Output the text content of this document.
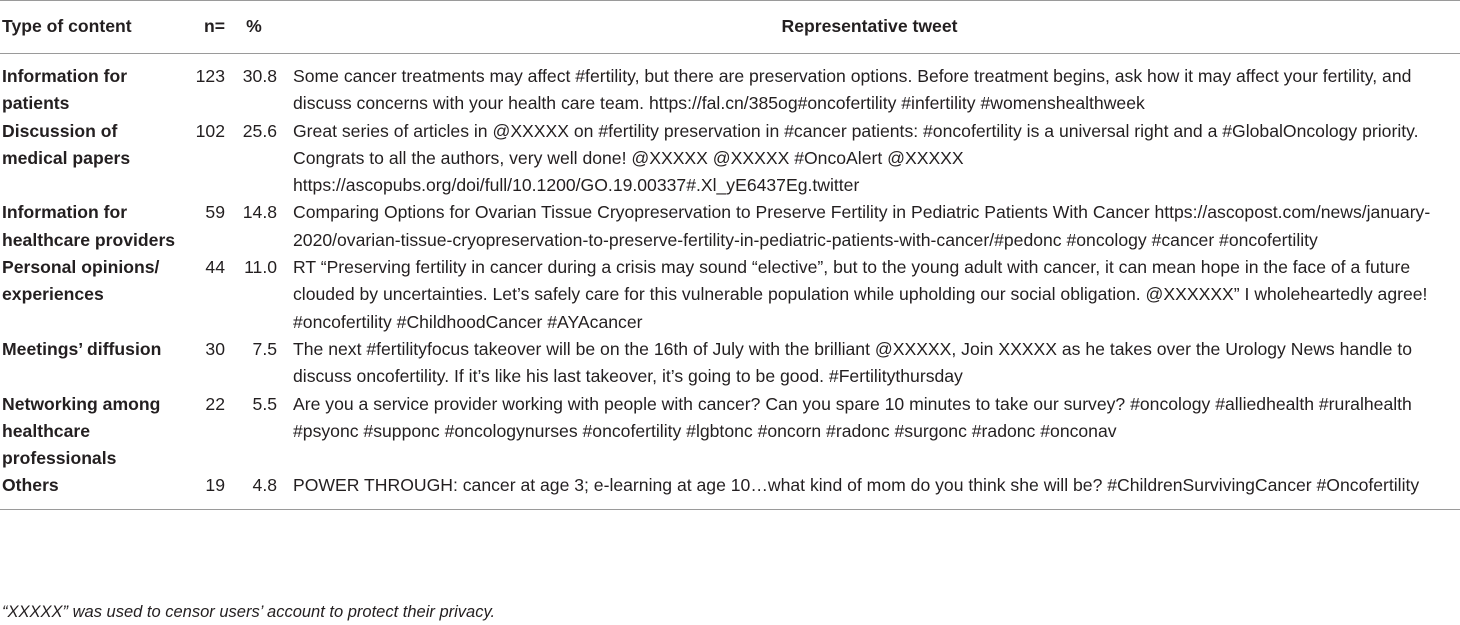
Type of content	n=	%	Representative tweet
Information for patients	123	30.8	Some cancer treatments may affect #fertility, but there are preservation options. Before treatment begins, ask how it may affect your fertility, and discuss concerns with your health care team. https://fal.cn/385og#oncofertility #infertility #womenshealthweek
Discussion of medical papers	102	25.6	Great series of articles in @XXXXX on #fertility preservation in #cancer patients: #oncofertility is a universal right and a #GlobalOncology priority. Congrats to all the authors, very well done! @XXXXX @XXXXX #OncoAlert @XXXXX https://ascopubs.org/doi/full/10.1200/GO.19.00337#.Xl_yE6437Eg.twitter
Information for healthcare providers	59	14.8	Comparing Options for Ovarian Tissue Cryopreservation to Preserve Fertility in Pediatric Patients With Cancer https://ascopost.com/news/january-2020/ovarian-tissue-cryopreservation-to-preserve-fertility-in-pediatric-patients-with-cancer/#pedonc #oncology #cancer #oncofertility
Personal opinions/ experiences	44	11.0	RT “Preserving fertility in cancer during a crisis may sound “elective”, but to the young adult with cancer, it can mean hope in the face of a future clouded by uncertainties. Let’s safely care for this vulnerable population while upholding our social obligation. @XXXXXX” I wholeheartedly agree! #oncofertility #ChildhoodCancer #AYAcancer
Meetings’ diffusion	30	7.5	The next #fertilityfocus takeover will be on the 16th of July with the brilliant @XXXXX, Join XXXXX as he takes over the Urology News handle to discuss oncofertility. If it’s like his last takeover, it’s going to be good. #Fertilitythursday
Networking among healthcare professionals	22	5.5	Are you a service provider working with people with cancer? Can you spare 10 minutes to take our survey? #oncology #alliedhealth #ruralhealth #psyonc #supponc #oncologynurses #oncofertility #lgbtonc #oncorn #radonc #surgonc #radonc #onconav
Others	19	4.8	POWER THROUGH: cancer at age 3; e-learning at age 10…what kind of mom do you think she will be? #ChildrenSurvivingCancer #Oncofertility
“XXXXX” was used to censor users’ account to protect their privacy.
